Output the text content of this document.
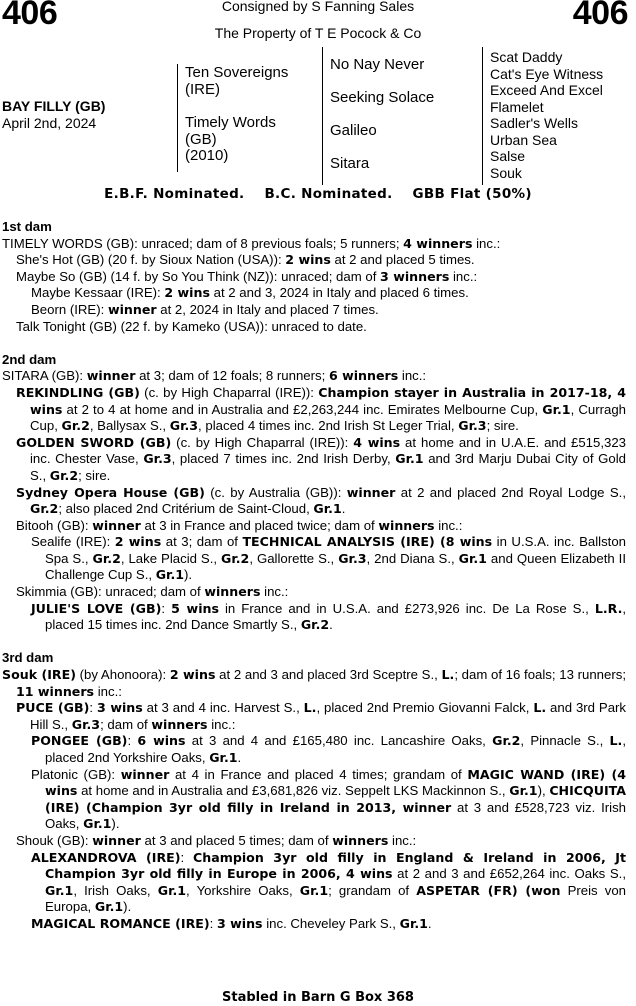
406	406
Consigned by S Fanning Sales
The Property of T E Pocock & Co
BAY FILLY (GB)
April 2nd, 2024
Ten Sovereigns
(IRE)
Timely Words
(GB)
(2010)
No Nay Never
Seeking Solace
Galileo
Sitara
Scat Daddy
Cat's Eye Witness
Exceed And Excel
Flamelet
Sadler's Wells
Urban Sea
Salse
Souk
E.B.F. Nominated.    B.C. Nominated.    GBB Flat (50%)

1st dam

TIMELY WORDS (GB): unraced; dam of 8 previous foals; 5 runners; 4 winners inc.:

She's Hot (GB) (20 f. by Sioux Nation (USA)): 2 wins at 2 and placed 5 times.

Maybe So (GB) (14 f. by So You Think (NZ)): unraced; dam of 3 winners inc.:

Maybe Kessaar (IRE): 2 wins at 2 and 3, 2024 in Italy and placed 6 times.

Beorn (IRE): winner at 2, 2024 in Italy and placed 7 times.

Talk Tonight (GB) (22 f. by Kameko (USA)): unraced to date.

2nd dam

SITARA (GB): winner at 3; dam of 12 foals; 8 runners; 6 winners inc.:

REKINDLING (GB) (c. by High Chaparral (IRE)): Champion stayer in Australia in 2017-18, 4 wins at 2 to 4 at home and in Australia and £2,263,244 inc. Emirates Melbourne Cup, Gr.1, Curragh Cup, Gr.2, Ballysax S., Gr.3, placed 4 times inc. 2nd Irish St Leger Trial, Gr.3; sire.

GOLDEN SWORD (GB) (c. by High Chaparral (IRE)): 4 wins at home and in U.A.E. and £515,323 inc. Chester Vase, Gr.3, placed 7 times inc. 2nd Irish Derby, Gr.1 and 3rd Marju Dubai City of Gold S., Gr.2; sire.

Sydney Opera House (GB) (c. by Australia (GB)): winner at 2 and placed 2nd Royal Lodge S., Gr.2; also placed 2nd Critérium de Saint-Cloud, Gr.1.

Bitooh (GB): winner at 3 in France and placed twice; dam of winners inc.:

Sealife (IRE): 2 wins at 3; dam of TECHNICAL ANALYSIS (IRE) (8 wins in U.S.A. inc. Ballston Spa S., Gr.2, Lake Placid S., Gr.2, Gallorette S., Gr.3, 2nd Diana S., Gr.1 and Queen Elizabeth II Challenge Cup S., Gr.1).

Skimmia (GB): unraced; dam of winners inc.:

JULIE'S LOVE (GB): 5 wins in France and in U.S.A. and £273,926 inc. De La Rose S., L.R., placed 15 times inc. 2nd Dance Smartly S., Gr.2.

3rd dam

Souk (IRE) (by Ahonoora): 2 wins at 2 and 3 and placed 3rd Sceptre S., L.; dam of 16 foals; 13 runners; 11 winners inc.:

PUCE (GB): 3 wins at 3 and 4 inc. Harvest S., L., placed 2nd Premio Giovanni Falck, L. and 3rd Park Hill S., Gr.3; dam of winners inc.:

PONGEE (GB): 6 wins at 3 and 4 and £165,480 inc. Lancashire Oaks, Gr.2, Pinnacle S., L., placed 2nd Yorkshire Oaks, Gr.1.

Platonic (GB): winner at 4 in France and placed 4 times; grandam of MAGIC WAND (IRE) (4 wins at home and in Australia and £3,681,826 viz. Seppelt LKS Mackinnon S., Gr.1), CHICQUITA (IRE) (Champion 3yr old filly in Ireland in 2013, winner at 3 and £528,723 viz. Irish Oaks, Gr.1).

Shouk (GB): winner at 3 and placed 5 times; dam of winners inc.:

ALEXANDROVA (IRE): Champion 3yr old filly in England & Ireland in 2006, Jt Champion 3yr old filly in Europe in 2006, 4 wins at 2 and 3 and £652,264 inc. Oaks S., Gr.1, Irish Oaks, Gr.1, Yorkshire Oaks, Gr.1; grandam of ASPETAR (FR) (won Preis von Europa, Gr.1).

MAGICAL ROMANCE (IRE): 3 wins inc. Cheveley Park S., Gr.1.

Stabled in Barn G Box 368
